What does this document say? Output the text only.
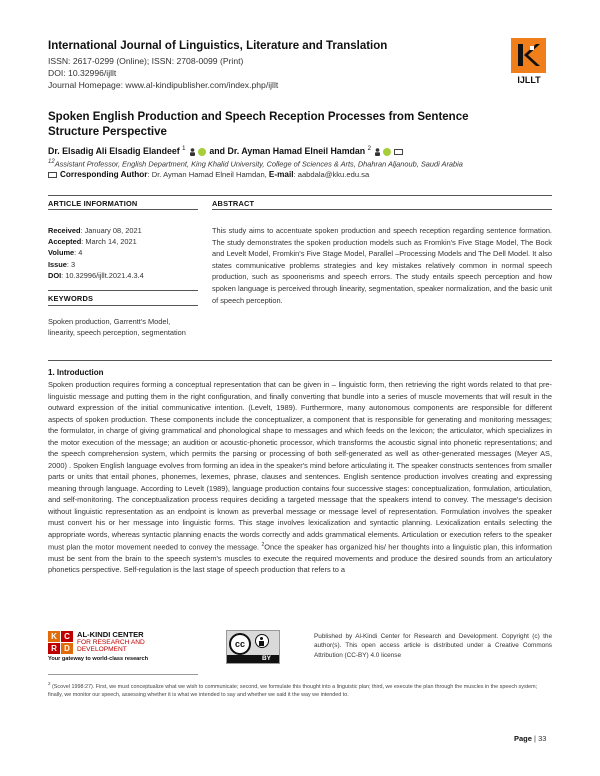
International Journal of Linguistics, Literature and Translation
ISSN: 2617-0299 (Online); ISSN: 2708-0099 (Print)
DOI: 10.32996/ijllt
Journal Homepage: www.al-kindipublisher.com/index.php/ijllt	IJLLT
Spoken English Production and Speech Reception Processes from Sentence Structure Perspective
Dr. Elsadig Ali Elsadig Elandeef $^1$	and Dr. Ayman Hamad Elneil Hamdan $^2$
$^{12}$Assistant Professor, English Department, King Khalid University, College of Sciences & Arts, Dhahran Aljanoub, Saudi Arabia
Corresponding Author: Dr. Ayman Hamad Elneil Hamdan, E-mail: aabdala@kku.edu.sa
ARTICLE INFORMATION	ABSTRACT
Received: January 08, 2021
Accepted: March 14, 2021
Volume: 4
Issue: 3
DOI: 10.32996/ijllt.2021.4.3.4
KEYWORDS
Spoken production, Garrentt's Model, linearity, speech perception, segmentation
This study aims to accentuate spoken production and speech reception regarding sentence formation. The study demonstrates the spoken production models such as Fromkin's Five Stage Model, The Bock and Levelt Model, Fromkin's Five Stage Model, Parallel –Processing Models and The Dell Model. It also states communicative problems strategies and key mistakes relatively common in normal speech production, such as spoonerisms and speech errors. The study entails speech perception and how spoken language is perceived through linearity, segmentation, speaker normalization, and the basic unit of speech perception.
1. Introduction
Spoken production requires forming a conceptual representation that can be given in – linguistic form, then retrieving the right words related to that pre-linguistic message and putting them in the right configuration, and finally converting that bundle into a series of muscle movements that will result in the outward expression of the initial communicative intention. (Levelt, 1989). Furthermore, many autonomous components are responsible for different aspects of spoken production. These components include the conceptualizer, a component that is responsible for generating and monitoring messages; the formulator, in charge of giving grammatical and phonological shape to messages and which feeds on the lexicon; the articulator, which specializes in the motor execution of the message; an audition or acoustic-phonetic processor, which transforms the acoustic signal into phonetic representations; and the speech comprehension system, which permits the parsing or processing of both self-generated as well as other-generated messages (Meyer AS, 2000) . Spoken English language evolves from forming an idea in the speaker's mind before articulating it. The speaker constructs sentences from smaller parts or units that entail phones, phonemes, lexemes, phrase, clauses and sentences. English sentence production involves creating and expressing meaning through language. According to Levelt (1989), language production contains four successive stages: conceptualization, formulation, articulation, and self-monitoring. The conceptualization process requires deciding a targeted message that the speakers intend to convey. The message's decision without linguistic representation as an endpoint is known as preverbal message or message level of representation. Formulation involves the speaker must convert his or her message into linguistic forms. This stage involves lexicalization and syntactic planning. Lexicalization entails selecting the appropriate words, whereas syntactic planning enacts the words correctly and adds grammatical elements. Articulation or execution refers to the speaker must plan the motor movement needed to convey the message. $^2$Once the speaker has organized his/ her thoughts into a linguistic plan, this information must be sent from the brain to the speech system's muscles to execute the required movements and produce the desired sounds from an articulatory phonetics perspective. Self-regulation is the last stage of speech production that refers to a
K C
R D
AL-KINDI CENTER
FOR RESEARCH AND
DEVELOPMENT
Your gateway to world-class research
cc
BY
Published by Al-Kindi Center for Research and Development. Copyright (c) the author(s). This open access article is distributed under a Creative Commons Attribution (CC-BY) 4.0 license
$^2$ (Scovel 1998:27). First, we must conceptualize what we wish to communicate; second, we formulate this thought into a linguistic plan; third, we execute the plan through the muscles in the speech system; finally, we monitor our speech, assessing whether it is what we intended to say and whether we said it the way we intended to.
Page | 33
